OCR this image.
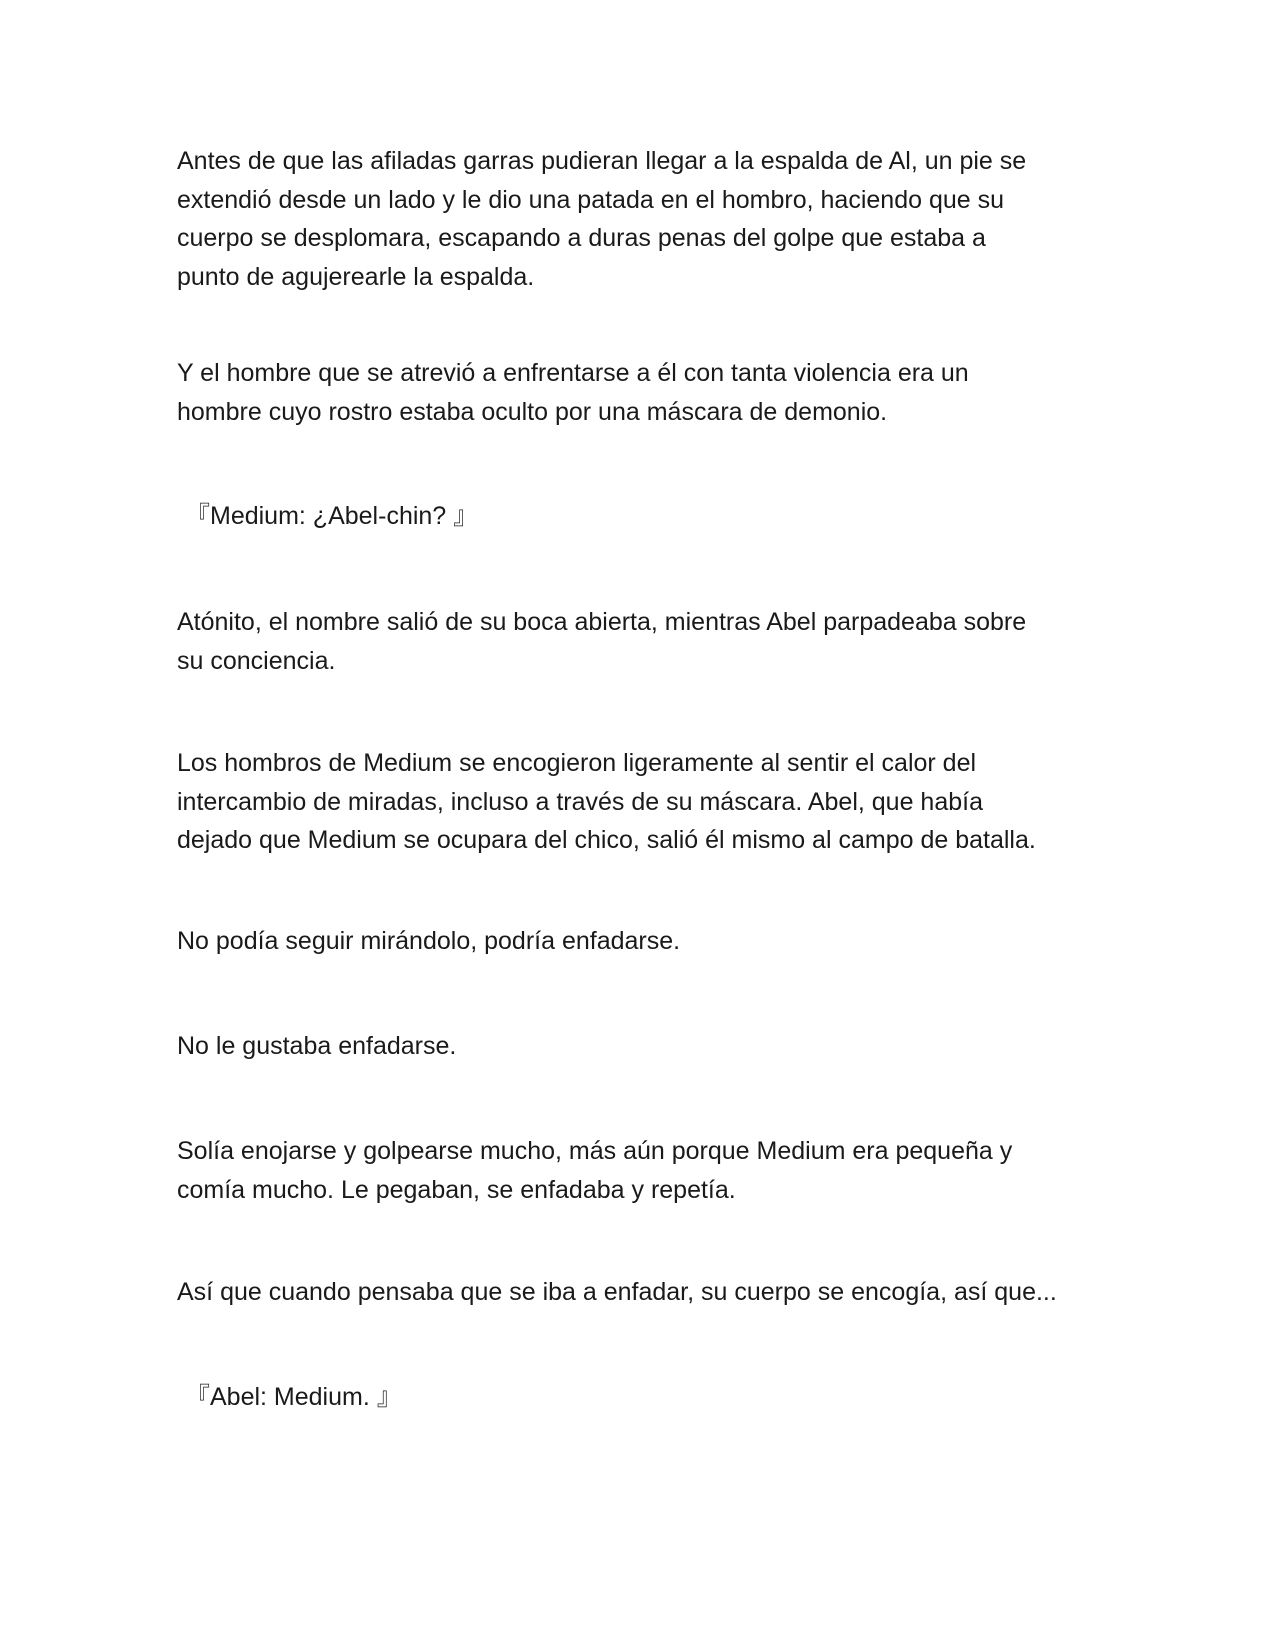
Antes de que las afiladas garras pudieran llegar a la espalda de Al, un pie se
extendió desde un lado y le dio una patada en el hombro, haciendo que su
cuerpo se desplomara, escapando a duras penas del golpe que estaba a
punto de agujerearle la espalda.

Y el hombre que se atrevió a enfrentarse a él con tanta violencia era un
hombre cuyo rostro estaba oculto por una máscara de demonio.

『Medium: ¿Abel-chin? 』

Atónito, el nombre salió de su boca abierta, mientras Abel parpadeaba sobre
su conciencia.

Los hombros de Medium se encogieron ligeramente al sentir el calor del
intercambio de miradas, incluso a través de su máscara. Abel, que había
dejado que Medium se ocupara del chico, salió él mismo al campo de batalla.

No podía seguir mirándolo, podría enfadarse.

No le gustaba enfadarse.

Solía enojarse y golpearse mucho, más aún porque Medium era pequeña y
comía mucho. Le pegaban, se enfadaba y repetía.

Así que cuando pensaba que se iba a enfadar, su cuerpo se encogía, así que...

『Abel: Medium. 』
